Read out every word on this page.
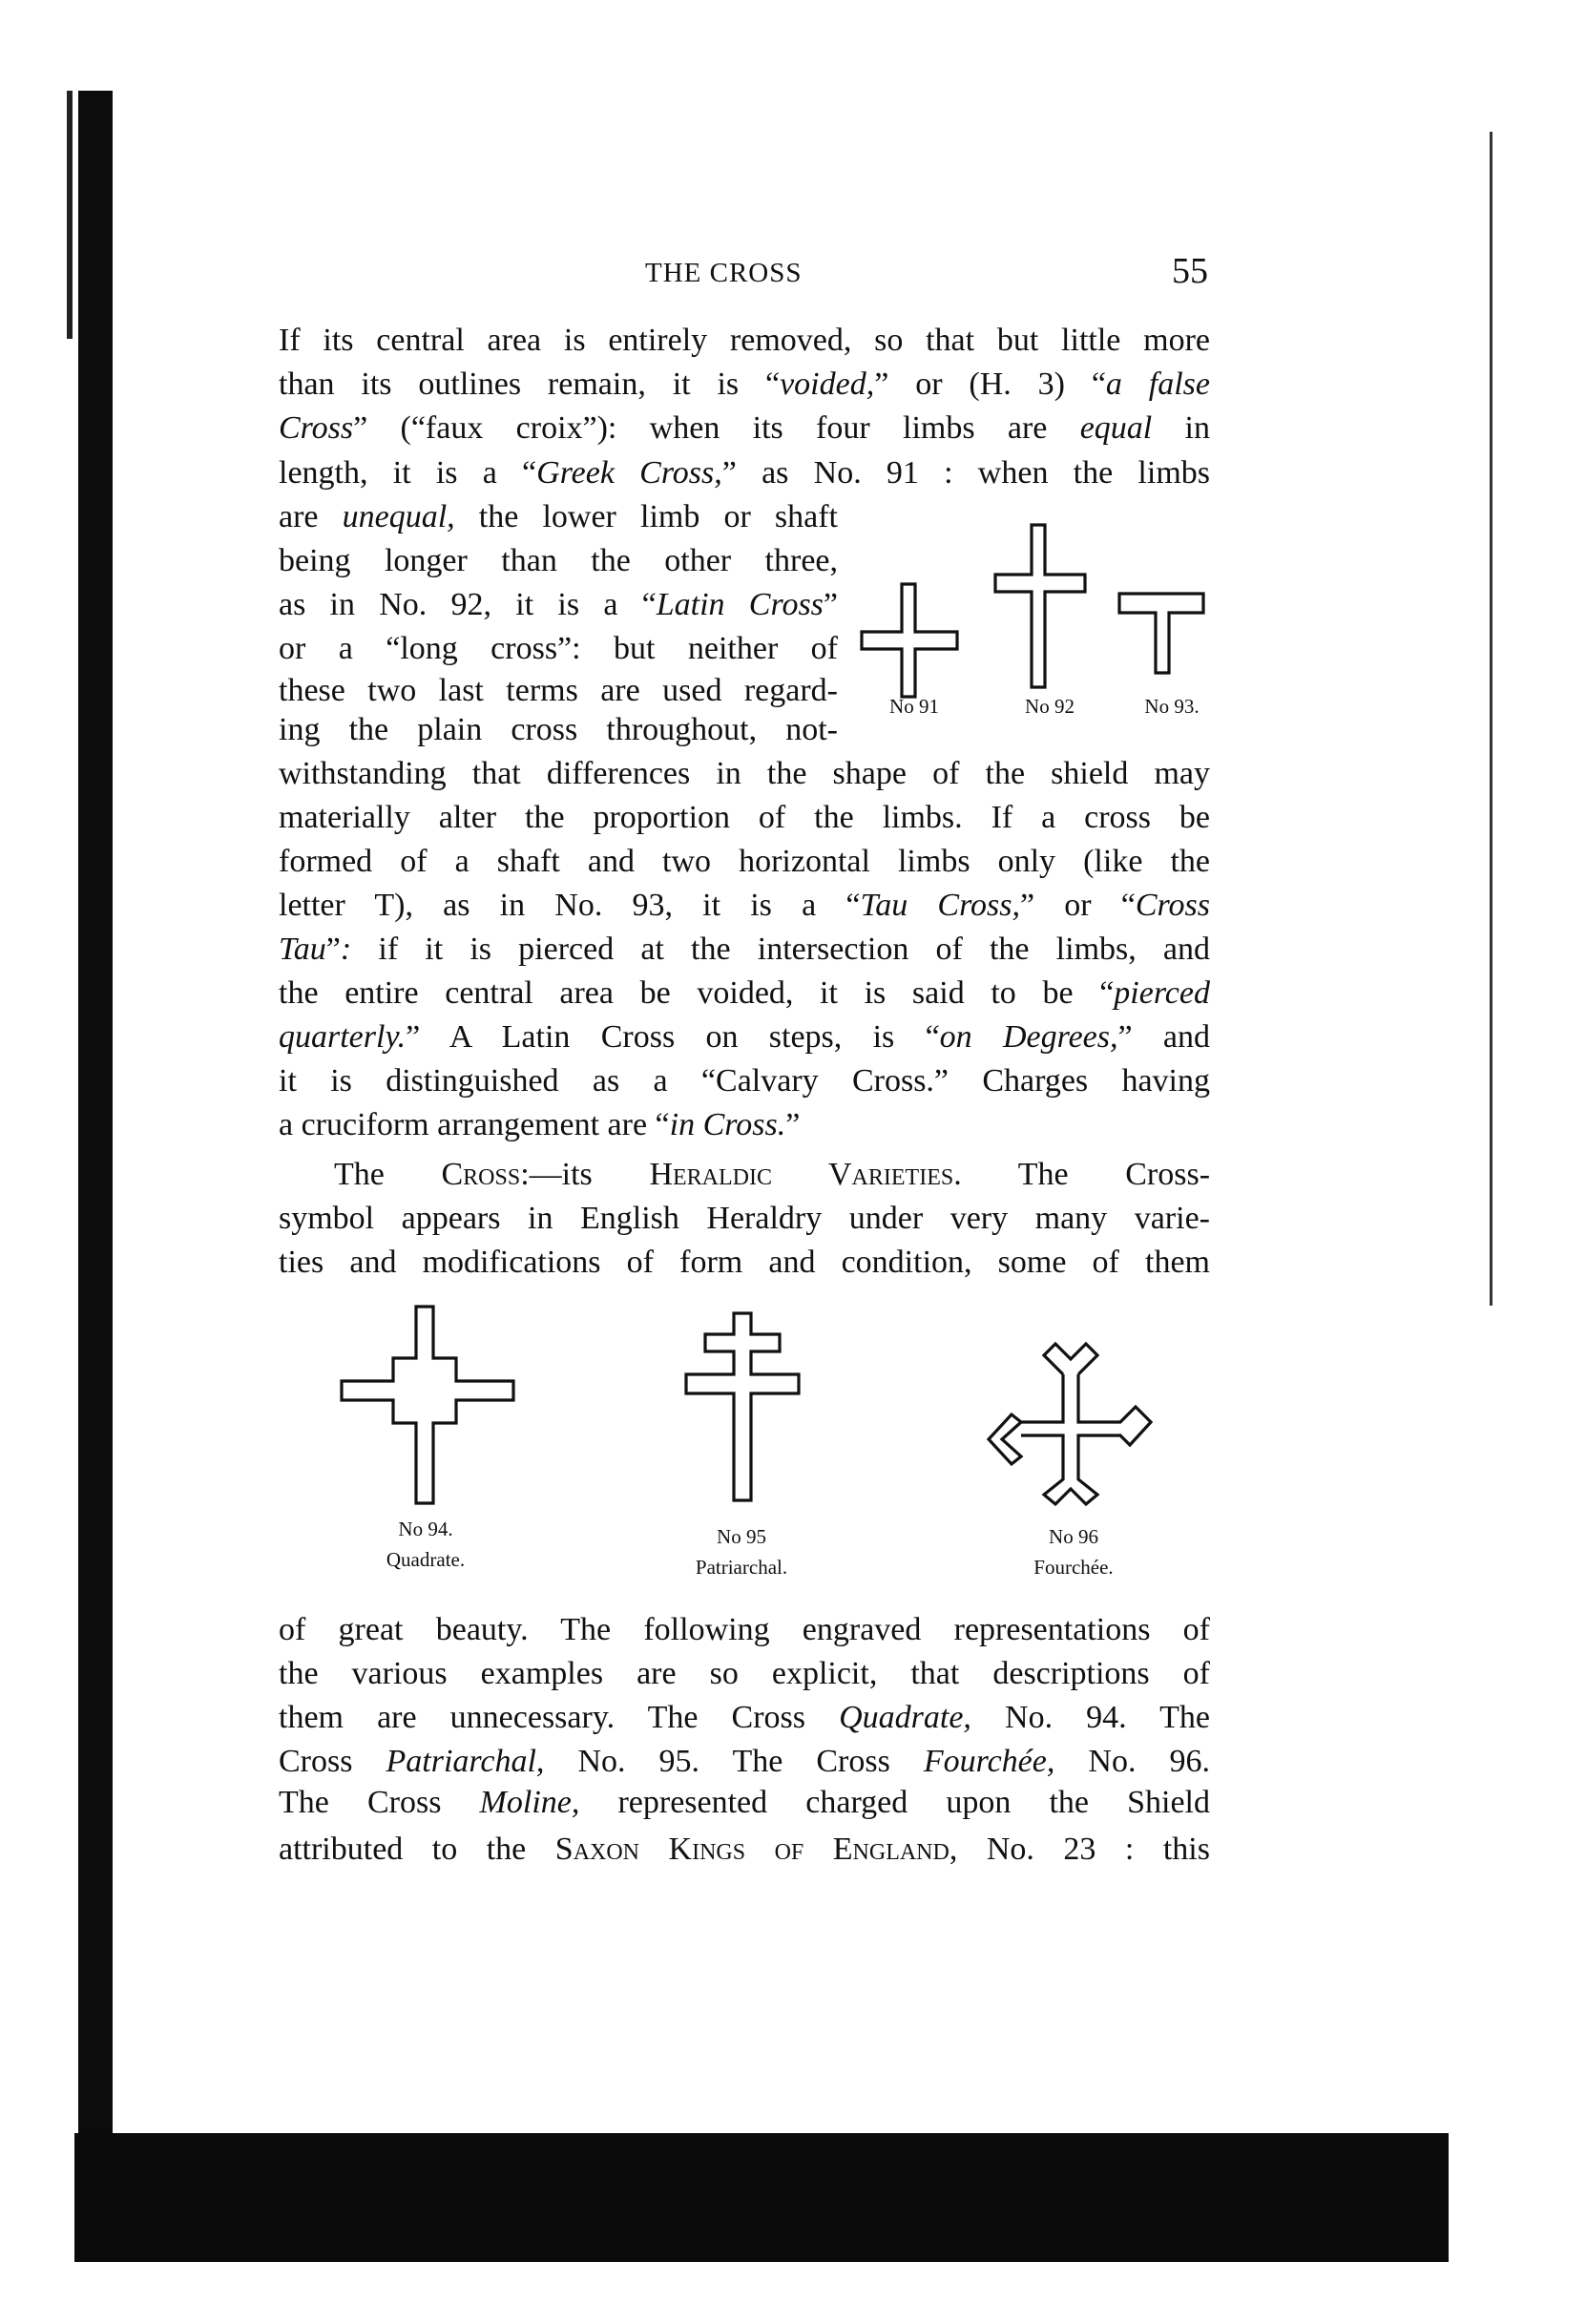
THE CROSS	55
If its central area is entirely removed, so that but little more
than its outlines remain, it is “voided,” or (H. 3) “a false
Cross” (“faux croix”): when its four limbs are equal in
length, it is a “Greek Cross,” as No. 91 : when the limbs
are unequal, the lower limb or shaft
being longer than the other three,
as in No. 92, it is a “Latin Cross”
or a “long cross”: but neither of
these two last terms are used regard-
ing the plain cross throughout, not-
withstanding that differences in the shape of the shield may
materially alter the proportion of the limbs. If a cross be
formed of a shaft and two horizontal limbs only (like the
letter T), as in No. 93, it is a “Tau Cross,” or “Cross
Tau”: if it is pierced at the intersection of the limbs, and
the entire central area be voided, it is said to be “pierced
quarterly.” A Latin Cross on steps, is “on Degrees,” and
it is distinguished as a “Calvary Cross.” Charges having
a cruciform arrangement are “in Cross.”
The Cross:—its Heraldic Varieties. The Cross-
symbol appears in English Heraldry under very many varie-
ties and modifications of form and condition, some of them
of great beauty. The following engraved representations of
the various examples are so explicit, that descriptions of
them are unnecessary. The Cross Quadrate, No. 94. The
Cross Patriarchal, No. 95. The Cross Fourchée, No. 96.
The Cross Moline, represented charged upon the Shield
attributed to the Saxon Kings of England, No. 23 : this
No 91	No 92	No 93.
No 94.
Quadrate.
No 95
Patriarchal.
No 96
Fourchée.
